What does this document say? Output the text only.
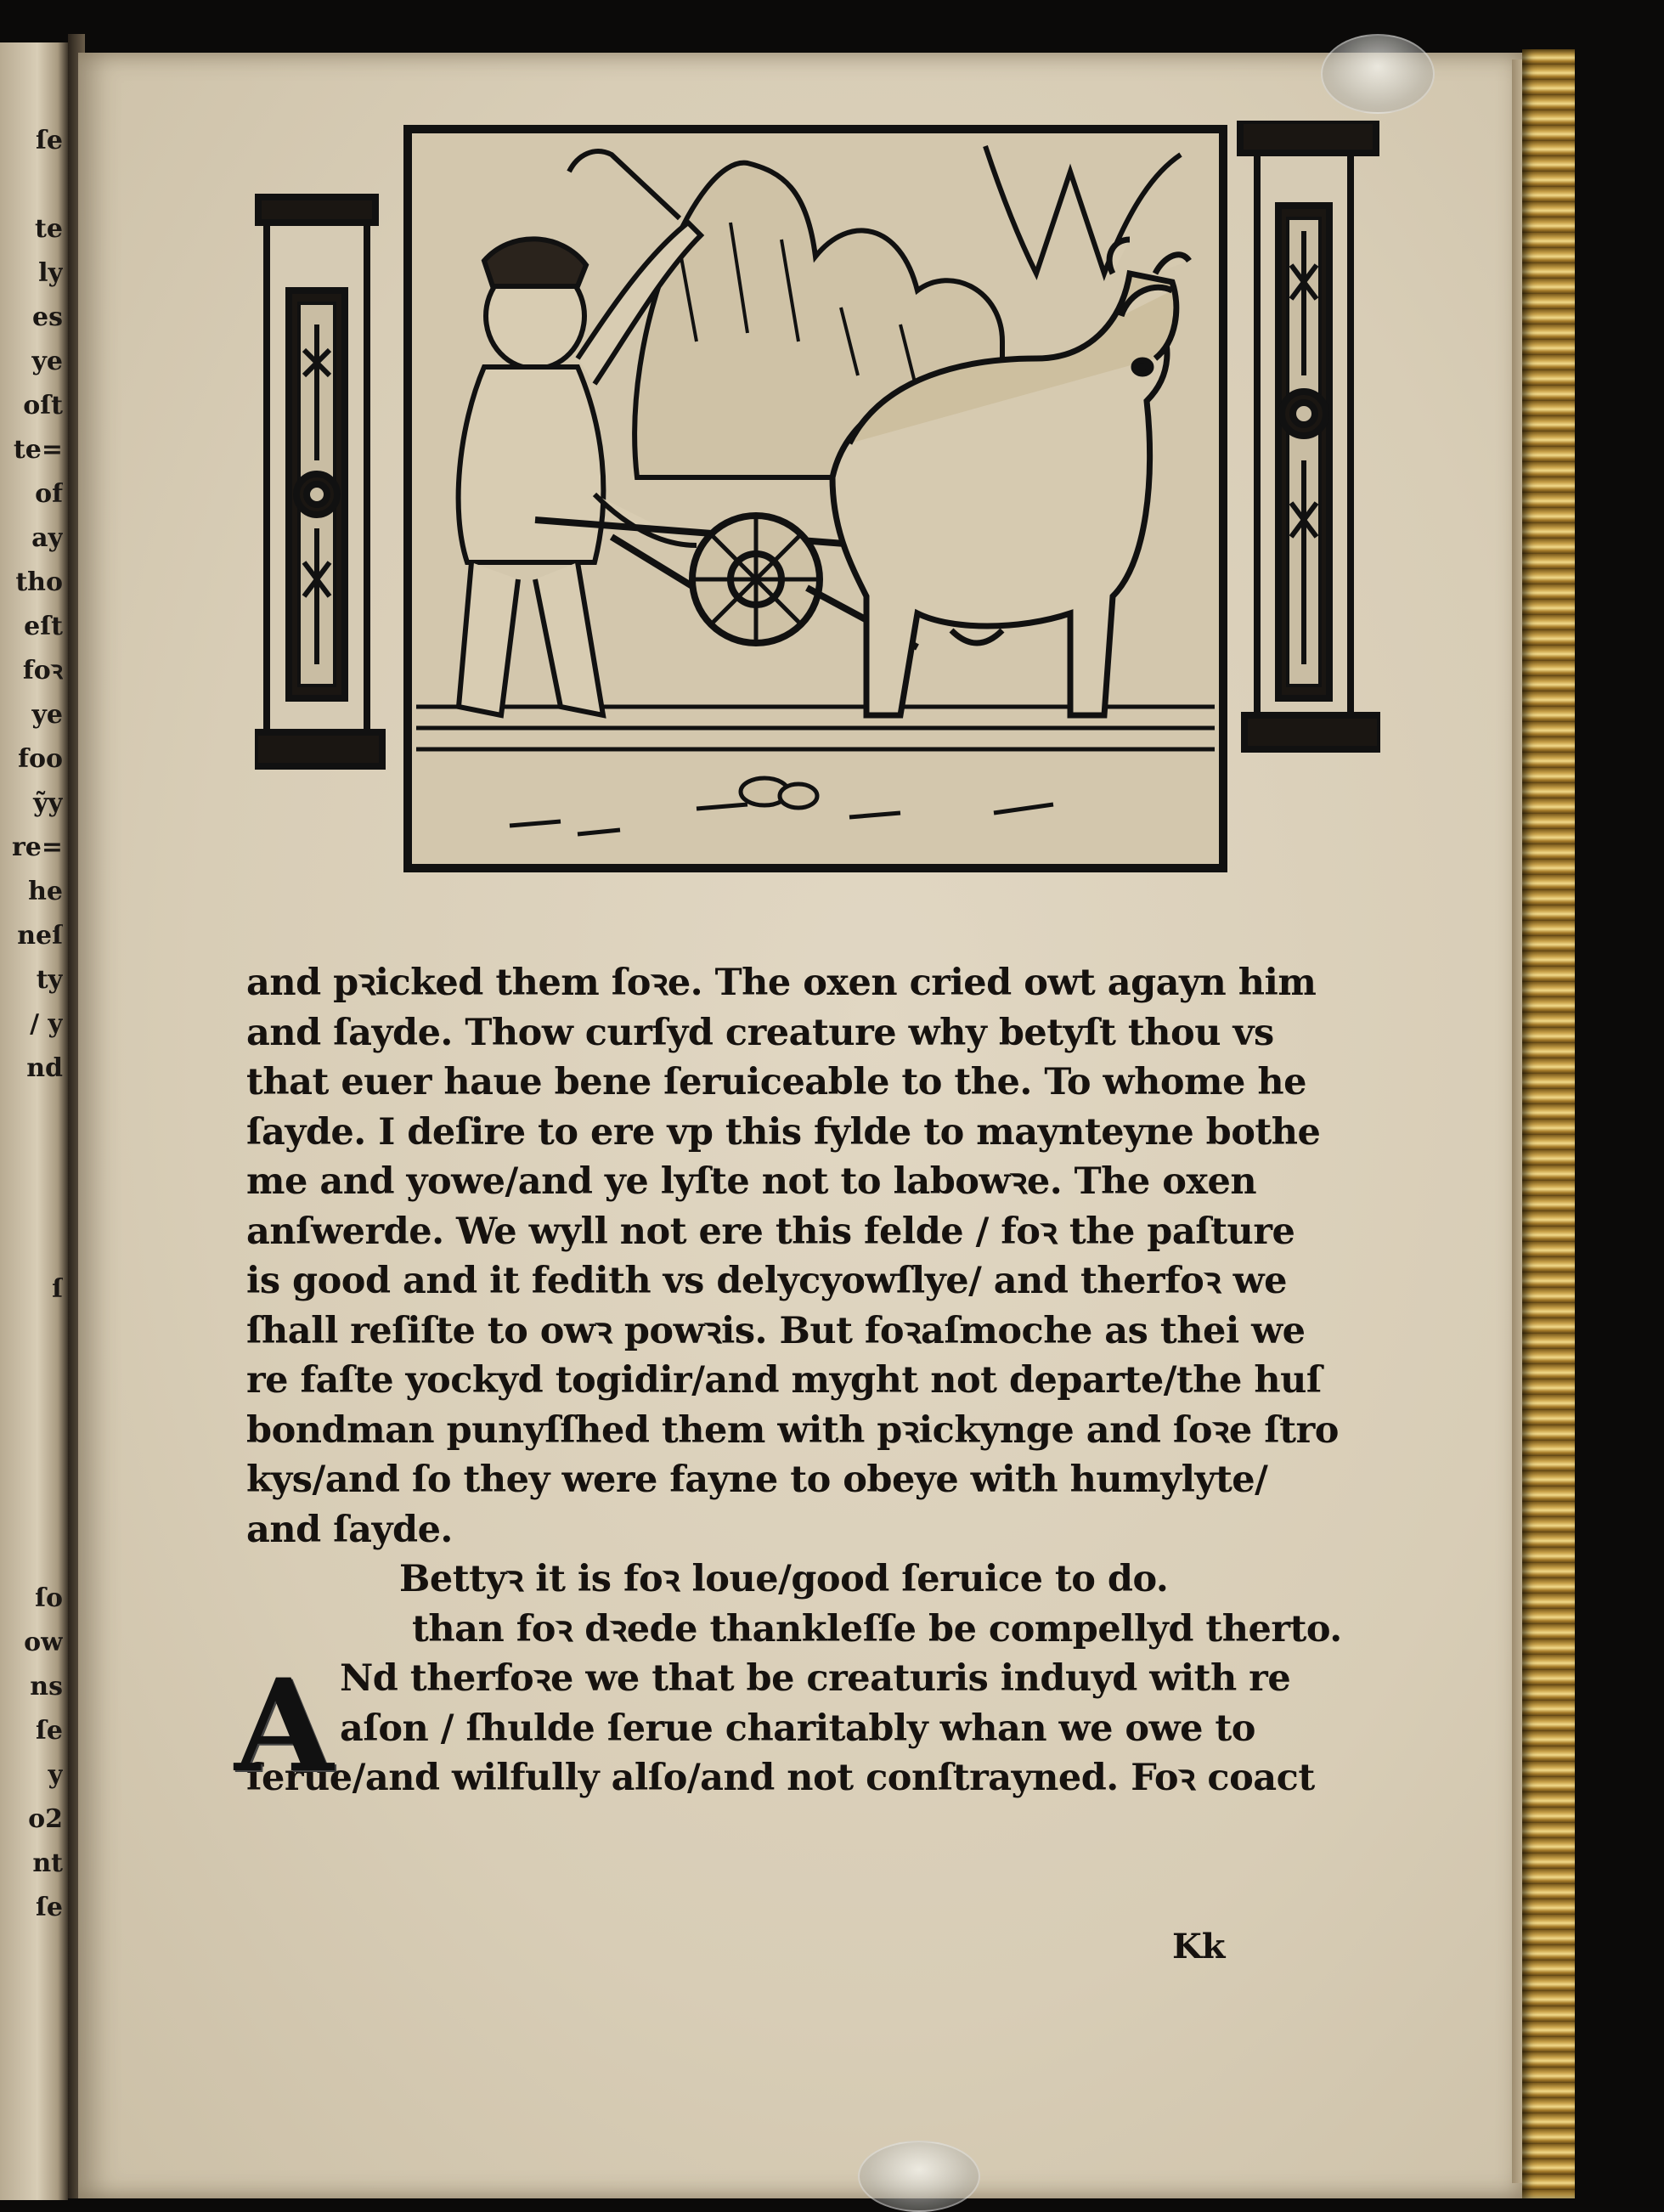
ſe
te
ly
es
ye
oſt
te=
of
ay
tho
eſt
foꝛ
ye
foo
ỹy
re=
he
neſ
ty
/ y
nd
ſ
ſo
ow
ns
ſe
y
o2
nt
ſe
and pꝛicked them ſoꝛe. The oxen cried owt agayn him
and ſayde. Thow curſyd creature why betyſt thou vs
that euer haue bene ſeruiceable to the. To whome he
ſayde. I deſire to ere vp this fylde to maynteyne bothe
me and yowe/and ye lyſte not to labowꝛe. The oxen
anſwerde. We wyll not ere this felde / foꝛ the paſture
is good and it fedith vs delycyowſlye/ and therfoꝛ we
ſhall reſiſte to owꝛ powꝛis. But foꝛaſmoche as thei we
re faſte yockyd togidir/and myght not departe/the huſ
bondman punyſſhed them with pꝛickynge and ſoꝛe ſtro
kys/and ſo they were fayne to obeye with humylyte/
and ſayde.
Bettyꝛ it is foꝛ loue/good ſeruice to do.
than foꝛ dꝛede thankleſſe be compellyd therto.
A Nd therfoꝛe we that be creaturis induyd with re
aſon / ſhulde ſerue charitably whan we owe to
ſerue/and wilfully alſo/and not conſtrayned. Foꝛ coact
Kk
